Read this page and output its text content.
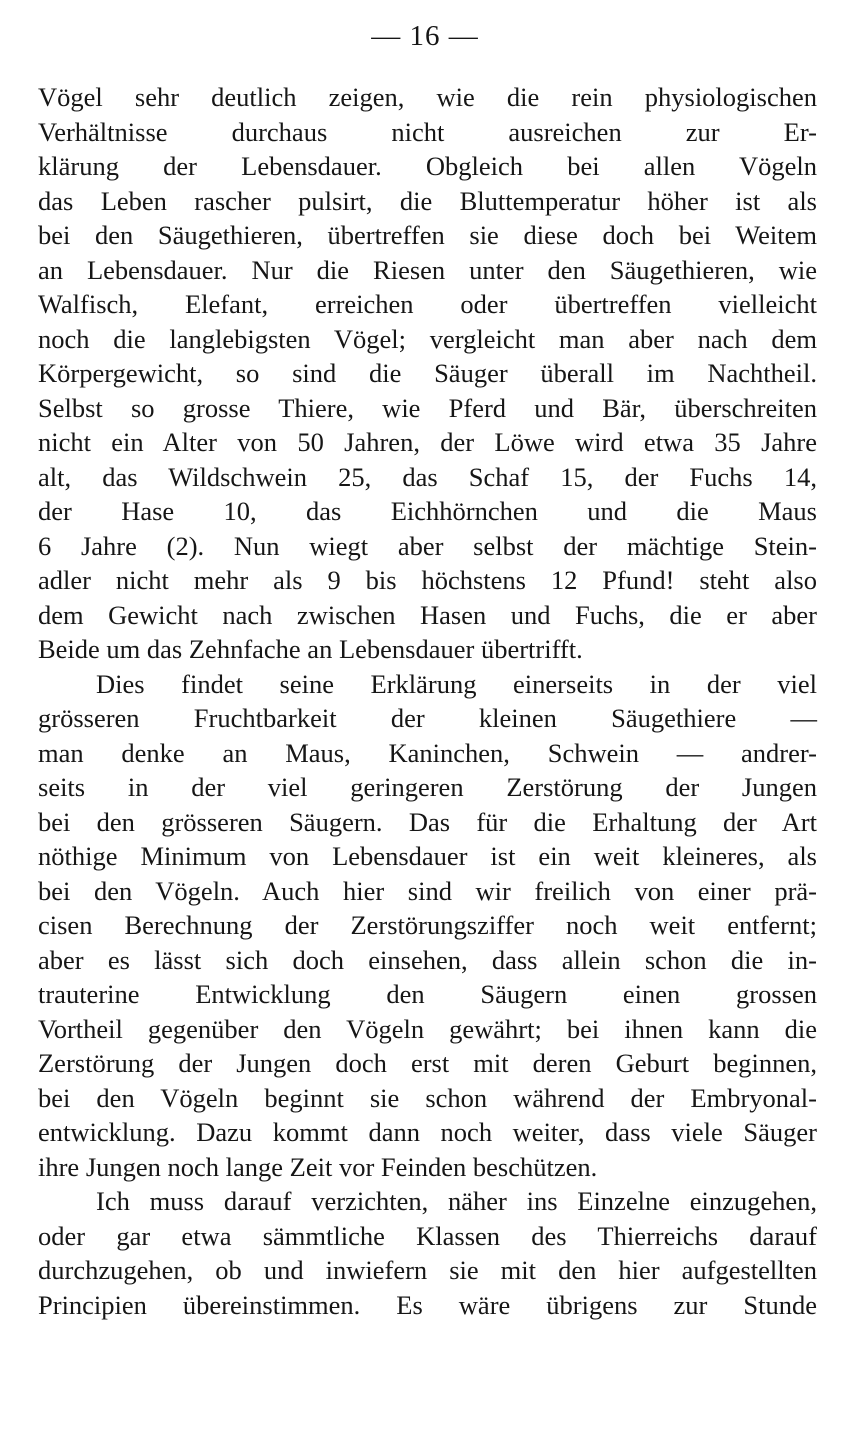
— 16 —
Vögel sehr deutlich zeigen, wie die rein physiologischen
Verhältnisse durchaus nicht ausreichen zur Er-
klärung der Lebensdauer. Obgleich bei allen Vögeln
das Leben rascher pulsirt, die Bluttemperatur höher ist als
bei den Säugethieren, übertreffen sie diese doch bei Weitem
an Lebensdauer. Nur die Riesen unter den Säugethieren, wie
Walfisch, Elefant, erreichen oder übertreffen vielleicht
noch die langlebigsten Vögel; vergleicht man aber nach dem
Körpergewicht, so sind die Säuger überall im Nachtheil.
Selbst so grosse Thiere, wie Pferd und Bär, überschreiten
nicht ein Alter von 50 Jahren, der Löwe wird etwa 35 Jahre
alt, das Wildschwein 25, das Schaf 15, der Fuchs 14,
der Hase 10, das Eichhörnchen und die Maus
6 Jahre (2). Nun wiegt aber selbst der mächtige Stein-
adler nicht mehr als 9 bis höchstens 12 Pfund! steht also
dem Gewicht nach zwischen Hasen und Fuchs, die er aber
Beide um das Zehnfache an Lebensdauer übertrifft.
Dies findet seine Erklärung einerseits in der viel
grösseren Fruchtbarkeit der kleinen Säugethiere —
man denke an Maus, Kaninchen, Schwein — andrer-
seits in der viel geringeren Zerstörung der Jungen
bei den grösseren Säugern. Das für die Erhaltung der Art
nöthige Minimum von Lebensdauer ist ein weit kleineres, als
bei den Vögeln. Auch hier sind wir freilich von einer prä-
cisen Berechnung der Zerstörungsziffer noch weit entfernt;
aber es lässt sich doch einsehen, dass allein schon die in-
trauterine Entwicklung den Säugern einen grossen
Vortheil gegenüber den Vögeln gewährt; bei ihnen kann die
Zerstörung der Jungen doch erst mit deren Geburt beginnen,
bei den Vögeln beginnt sie schon während der Embryonal-
entwicklung. Dazu kommt dann noch weiter, dass viele Säuger
ihre Jungen noch lange Zeit vor Feinden beschützen.
Ich muss darauf verzichten, näher ins Einzelne einzugehen,
oder gar etwa sämmtliche Klassen des Thierreichs darauf
durchzugehen, ob und inwiefern sie mit den hier aufgestellten
Principien übereinstimmen. Es wäre übrigens zur Stunde
